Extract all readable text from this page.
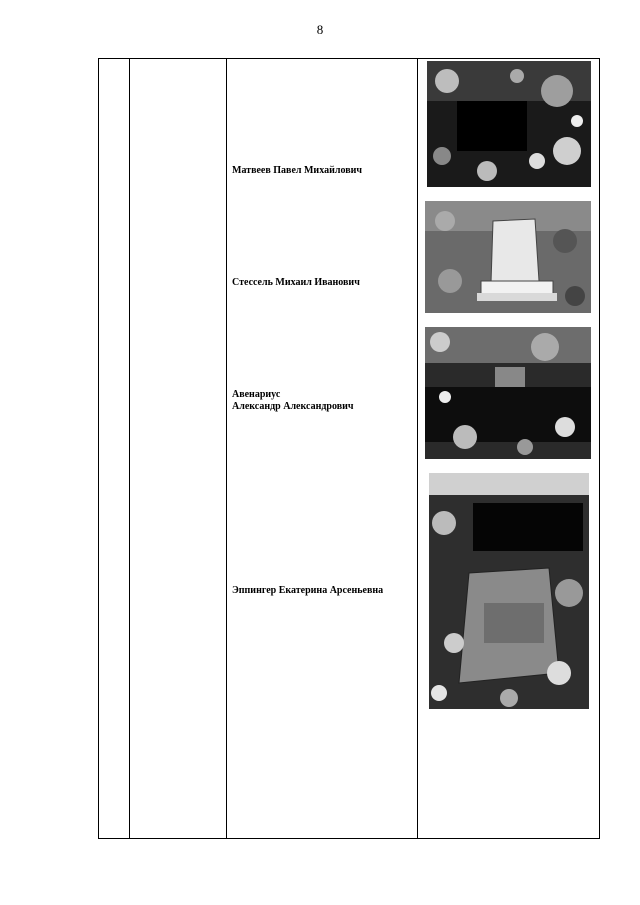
8
Матвеев Павел Михайлович
Стессель Михаил Иванович
Авенариус
Александр Александрович
Эппингер Екатерина Арсеньевна
